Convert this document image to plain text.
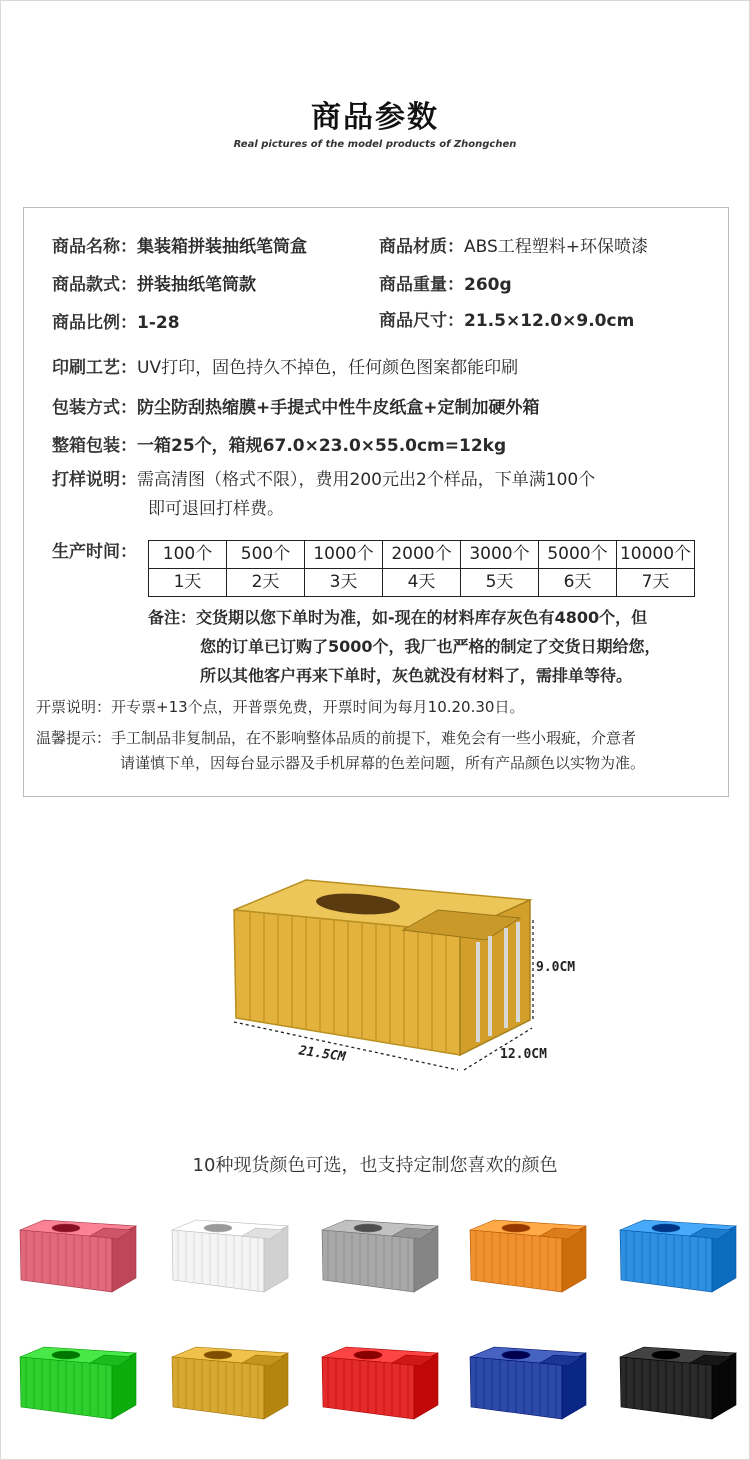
商品参数
Real pictures of the model products of Zhongchen
商品名称：集装箱拼装抽纸笔筒盒	商品材质：ABS工程塑料+环保喷漆
商品款式：拼装抽纸笔筒款	商品重量：260g
商品比例：1-28	商品尺寸：21.5×12.0×9.0cm
印刷工艺：UV打印，固色持久不掉色，任何颜色图案都能印刷
包装方式：防尘防刮热缩膜+手提式中性牛皮纸盒+定制加硬外箱
整箱包装：一箱25个，箱规67.0×23.0×55.0cm=12kg
打样说明：需高清图（格式不限），费用200元出2个样品，下单满100个
即可退回打样费。
生产时间： 100个	500个	1000个	2000个	3000个	5000个	10000个
1天	2天	3天	4天	5天	6天	7天
备注：交货期以您下单时为准，如-现在的材料库存灰色有4800个，但
您的订单已订购了5000个，我厂也严格的制定了交货日期给您，
所以其他客户再来下单时，灰色就没有材料了，需排单等待。
开票说明：开专票+13个点，开普票免费，开票时间为每月10.20.30日。
温馨提示：手工制品非复制品，在不影响整体品质的前提下，难免会有一些小瑕疵，介意者
请谨慎下单，因每台显示器及手机屏幕的色差问题，所有产品颜色以实物为准。
9.0CM
12.0CM
21.5CM
10种现货颜色可选，也支持定制您喜欢的颜色
